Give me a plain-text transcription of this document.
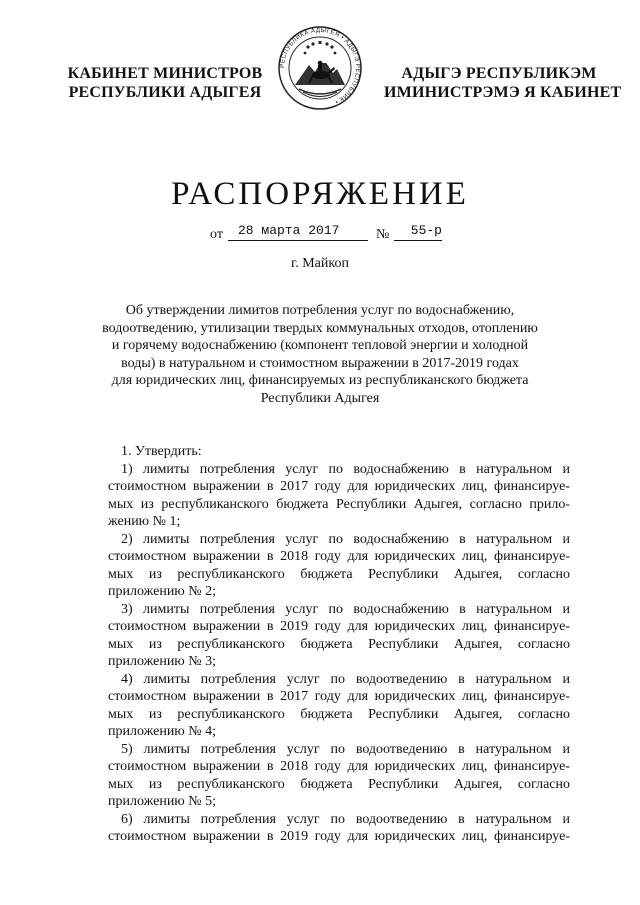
КАБИНЕТ МИНИСТРОВ
РЕСПУБЛИКИ АДЫГЕЯ
РЕСПУБЛИКА АДЫГЕЯ • АДЫГЭ РЕСПУБЛИК •
АДЫГЭ РЕСПУБЛИКЭМ
ИМИНИСТРЭМЭ Я КАБИНЕТ
РАСПОРЯЖЕНИЕ
от	28 марта 2017	№	55-р
г. Майкоп
Об утверждении лимитов потребления услуг по водоснабжению,
водоотведению, утилизации твердых коммунальных отходов, отоплению
и горячему водоснабжению (компонент тепловой энергии и холодной
воды) в натуральном и стоимостном выражении в 2017-2019 годах
для юридических лиц, финансируемых из республиканского бюджета
Республики Адыгея
1. Утвердить:
1) лимиты потребления услуг по водоснабжению в натуральном и
стоимостном выражении в 2017 году для юридических лиц, финансируе-
мых из республиканского бюджета Республики Адыгея, согласно прило-
жению № 1;
2) лимиты потребления услуг по водоснабжению в натуральном и
стоимостном выражении в 2018 году для юридических лиц, финансируе-
мых из республиканского бюджета Республики Адыгея, согласно
приложению № 2;
3) лимиты потребления услуг по водоснабжению в натуральном и
стоимостном выражении в 2019 году для юридических лиц, финансируе-
мых из республиканского бюджета Республики Адыгея, согласно
приложению № 3;
4) лимиты потребления услуг по водоотведению в натуральном и
стоимостном выражении в 2017 году для юридических лиц, финансируе-
мых из республиканского бюджета Республики Адыгея, согласно
приложению № 4;
5) лимиты потребления услуг по водоотведению в натуральном и
стоимостном выражении в 2018 году для юридических лиц, финансируе-
мых из республиканского бюджета Республики Адыгея, согласно
приложению № 5;
6) лимиты потребления услуг по водоотведению в натуральном и
стоимостном выражении в 2019 году для юридических лиц, финансируе-
